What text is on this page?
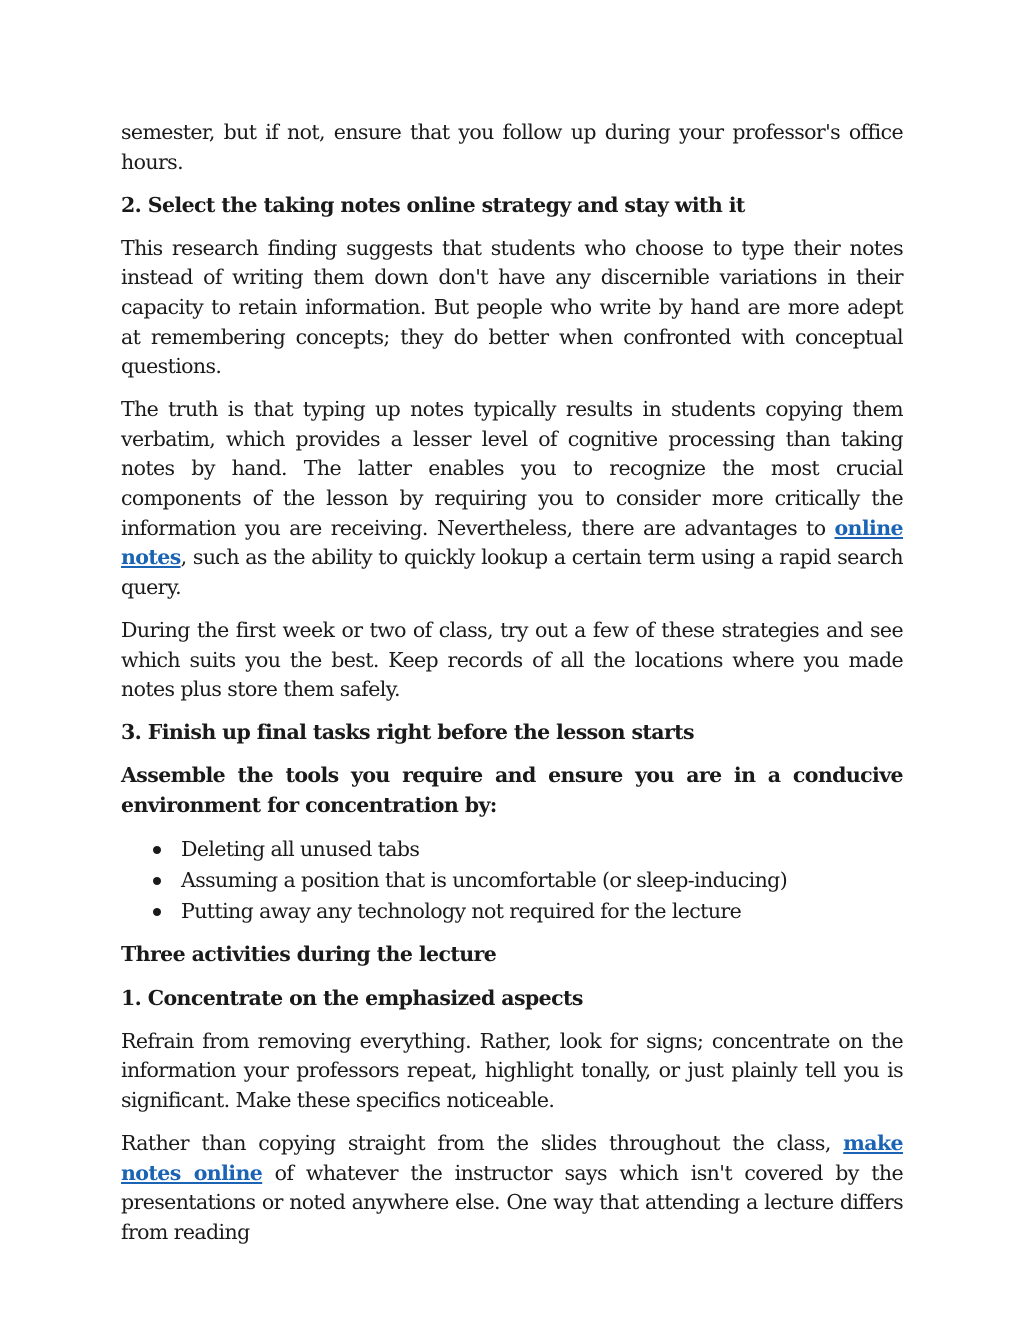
semester, but if not, ensure that you follow up during your professor's office hours.

2. Select the taking notes online strategy and stay with it

This research finding suggests that students who choose to type their notes instead of writing them down don't have any discernible variations in their capacity to retain information. But people who write by hand are more adept at remembering concepts; they do better when confronted with conceptual questions.

The truth is that typing up notes typically results in students copying them verbatim, which provides a lesser level of cognitive processing than taking notes by hand. The latter enables you to recognize the most crucial components of the lesson by requiring you to consider more critically the information you are receiving. Nevertheless, there are advantages to online notes, such as the ability to quickly lookup a certain term using a rapid search query.

During the first week or two of class, try out a few of these strategies and see which suits you the best. Keep records of all the locations where you made notes plus store them safely.

3. Finish up final tasks right before the lesson starts
Assemble the tools you require and ensure you are in a conducive environment for concentration by:
Deleting all unused tabs
Assuming a position that is uncomfortable (or sleep-inducing)
Putting away any technology not required for the lecture
Three activities during the lecture
1. Concentrate on the emphasized aspects

Refrain from removing everything. Rather, look for signs; concentrate on the information your professors repeat, highlight tonally, or just plainly tell you is significant. Make these specifics noticeable.

Rather than copying straight from the slides throughout the class, make notes online of whatever the instructor says which isn't covered by the presentations or noted anywhere else. One way that attending a lecture differs from reading
